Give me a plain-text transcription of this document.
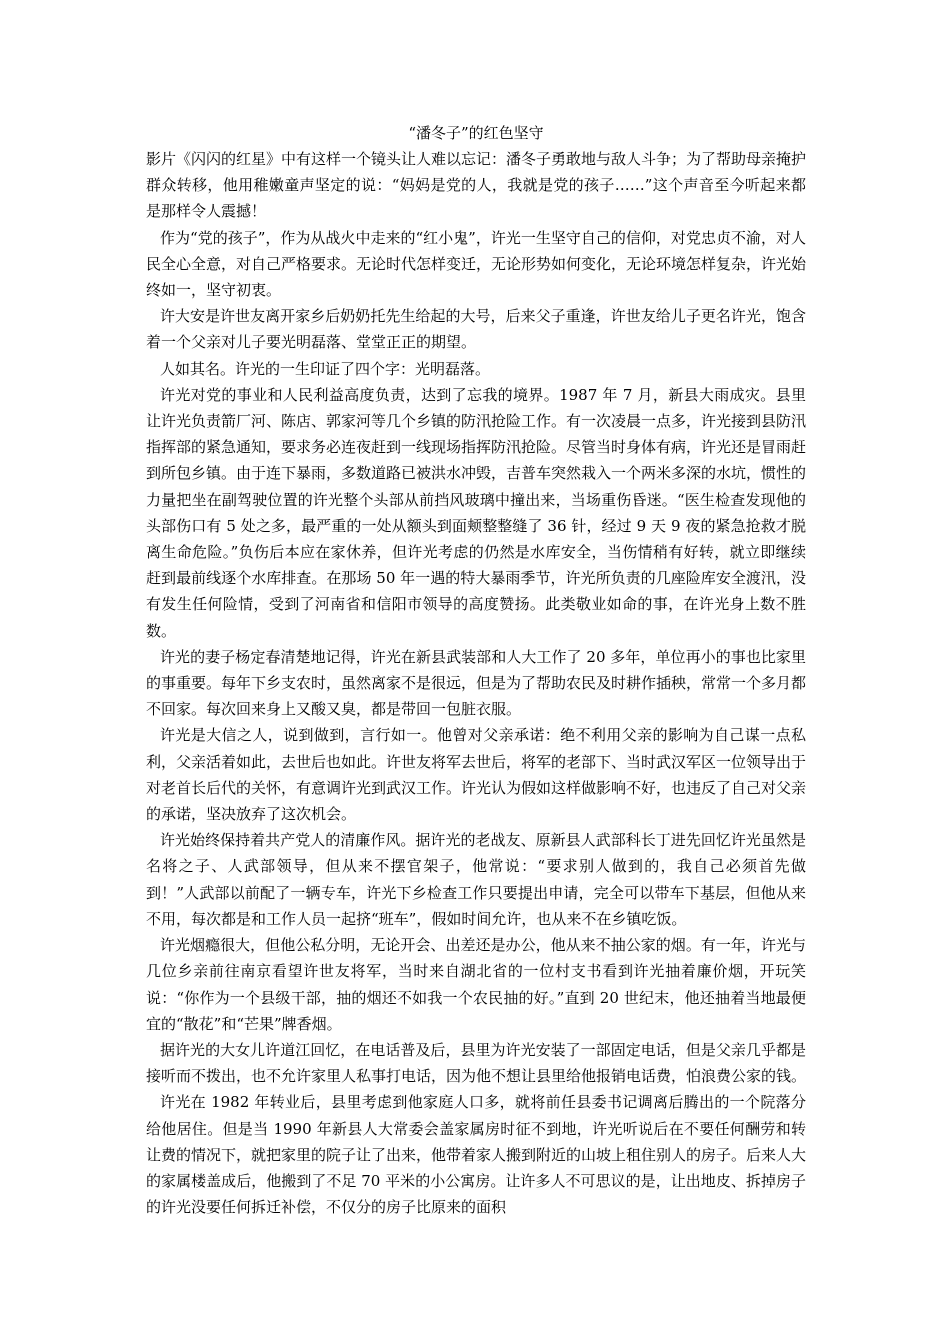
“潘冬子”的红色坚守

影片《闪闪的红星》中有这样一个镜头让人难以忘记：潘冬子勇敢地与敌人斗争；为了帮助母亲掩护群众转移，他用稚嫩童声坚定的说：“妈妈是党的人，我就是党的孩子……”这个声音至今听起来都是那样令人震撼！

作为“党的孩子”，作为从战火中走来的“红小鬼”，许光一生坚守自己的信仰，对党忠贞不渝，对人民全心全意，对自己严格要求。无论时代怎样变迁，无论形势如何变化，无论环境怎样复杂，许光始终如一，坚守初衷。

许大安是许世友离开家乡后奶奶托先生给起的大号，后来父子重逢，许世友给儿子更名许光，饱含着一个父亲对儿子要光明磊落、堂堂正正的期望。

人如其名。许光的一生印证了四个字：光明磊落。

许光对党的事业和人民利益高度负责，达到了忘我的境界。1987 年 7 月，新县大雨成灾。县里让许光负责箭厂河、陈店、郭家河等几个乡镇的防汛抢险工作。有一次凌晨一点多，许光接到县防汛指挥部的紧急通知，要求务必连夜赶到一线现场指挥防汛抢险。尽管当时身体有病，许光还是冒雨赶到所包乡镇。由于连下暴雨，多数道路已被洪水冲毁，吉普车突然栽入一个两米多深的水坑，惯性的力量把坐在副驾驶位置的许光整个头部从前挡风玻璃中撞出来，当场重伤昏迷。“医生检查发现他的头部伤口有 5 处之多，最严重的一处从额头到面颊整整缝了 36 针，经过 9 天 9 夜的紧急抢救才脱离生命危险。”负伤后本应在家休养，但许光考虑的仍然是水库安全，当伤情稍有好转，就立即继续赶到最前线逐个水库排查。在那场 50 年一遇的特大暴雨季节，许光所负责的几座险库安全渡汛，没有发生任何险情，受到了河南省和信阳市领导的高度赞扬。此类敬业如命的事，在许光身上数不胜数。

许光的妻子杨定春清楚地记得，许光在新县武装部和人大工作了 20 多年，单位再小的事也比家里的事重要。每年下乡支农时，虽然离家不是很远，但是为了帮助农民及时耕作插秧，常常一个多月都不回家。每次回来身上又酸又臭，都是带回一包脏衣服。

许光是大信之人，说到做到，言行如一。他曾对父亲承诺：绝不利用父亲的影响为自己谋一点私利，父亲活着如此，去世后也如此。许世友将军去世后，将军的老部下、当时武汉军区一位领导出于对老首长后代的关怀，有意调许光到武汉工作。许光认为假如这样做影响不好，也违反了自己对父亲的承诺，坚决放弃了这次机会。

许光始终保持着共产党人的清廉作风。据许光的老战友、原新县人武部科长丁进先回忆许光虽然是名将之子、人武部领导，但从来不摆官架子，他常说：“要求别人做到的，我自己必须首先做到！”人武部以前配了一辆专车，许光下乡检查工作只要提出申请，完全可以带车下基层，但他从来不用，每次都是和工作人员一起挤“班车”，假如时间允许，也从来不在乡镇吃饭。

许光烟瘾很大，但他公私分明，无论开会、出差还是办公，他从来不抽公家的烟。有一年，许光与几位乡亲前往南京看望许世友将军，当时来自湖北省的一位村支书看到许光抽着廉价烟，开玩笑说：“你作为一个县级干部，抽的烟还不如我一个农民抽的好。”直到 20 世纪末，他还抽着当地最便宜的“散花”和“芒果”牌香烟。

据许光的大女儿许道江回忆，在电话普及后，县里为许光安装了一部固定电话，但是父亲几乎都是接听而不拨出，也不允许家里人私事打电话，因为他不想让县里给他报销电话费，怕浪费公家的钱。

许光在 1982 年转业后，县里考虑到他家庭人口多，就将前任县委书记调离后腾出的一个院落分给他居住。但是当 1990 年新县人大常委会盖家属房时征不到地，许光听说后在不要任何酬劳和转让费的情况下，就把家里的院子让了出来，他带着家人搬到附近的山坡上租住别人的房子。后来人大的家属楼盖成后，他搬到了不足 70 平米的小公寓房。让许多人不可思议的是，让出地皮、拆掉房子的许光没要任何拆迁补偿，不仅分的房子比原来的面积
